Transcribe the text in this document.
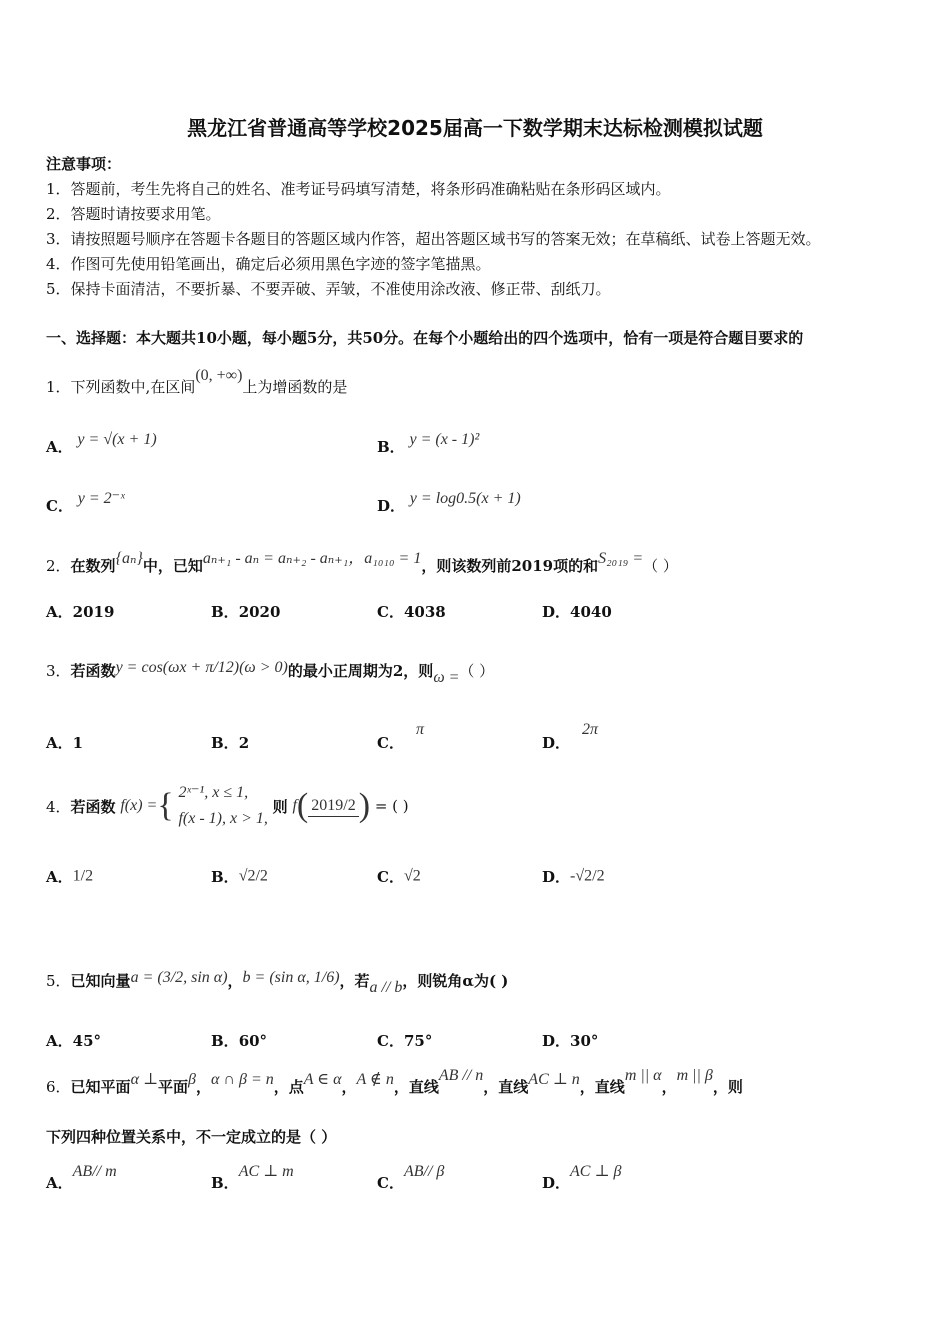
黑龙江省普通高等学校2025届高一下数学期末达标检测模拟试题
注意事项：
1．答题前，考生先将自己的姓名、准考证号码填写清楚，将条形码准确粘贴在条形码区域内。
2．答题时请按要求用笔。
3．请按照题号顺序在答题卡各题目的答题区域内作答，超出答题区域书写的答案无效；在草稿纸、试卷上答题无效。
4．作图可先使用铅笔画出，确定后必须用黑色字迹的签字笔描黑。
5．保持卡面清洁，不要折暴、不要弄破、弄皱，不准使用涂改液、修正带、刮纸刀。
一、选择题：本大题共10小题，每小题5分，共50分。在每个小题给出的四个选项中，恰有一项是符合题目要求的
1．下列函数中,在区间(0, +∞)上为增函数的是
A． y = √(x + 1)	B． y = (x - 1)²
C． y = 2⁻ˣ	D． y = log0.5(x + 1)
2．在数列{aₙ}中，已知aₙ₊₁ - aₙ = aₙ₊₂ - aₙ₊₁，a₁₀₁₀ = 1，则该数列前2019项的和S₂₀₁₉ =（ ）
A．2019	B．2020	C．4038	D．4040
3．若函数y = cos(ωx + π/12)(ω > 0)的最小正周期为2，则ω =（ ）
A．1	B．2	C．π
D．2π
4．若函数 f(x) ={ 2ˣ⁻¹, x ≤ 1,
f(x - 1), x > 1,
则 f( 2019/2 ) = ( )
A．1/2	B．√2/2	C．√2	D．-√2/2
5．已知向量a = (3/2, sin α)，b = (sin α, 1/6)，若a // b，则锐角α为( )
A．45°	B．60°	C．75°	D．30°
6．已知平面α ⊥平面β，α ∩ β = n，点A ∈ α，A ∉ n，直线AB // n，直线AC ⊥ n，直线m || α，m || β，则
下列四种位置关系中，不一定成立的是（ ）
A．AB// m
B．AC ⊥ m
C．AB// β
D．AC ⊥ β
